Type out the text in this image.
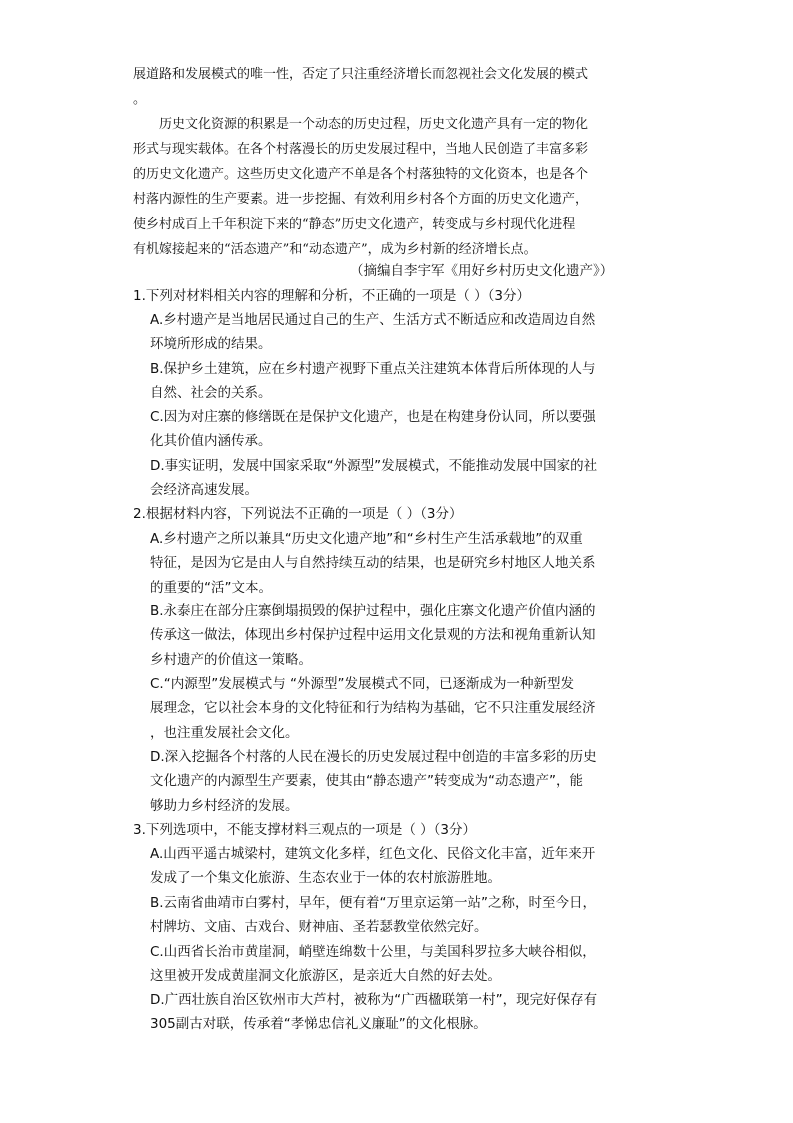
展道路和发展模式的唯一性，否定了只注重经济增长而忽视社会文化发展的模式
。
历史文化资源的积累是一个动态的历史过程，历史文化遗产具有一定的物化
形式与现实载体。在各个村落漫长的历史发展过程中，当地人民创造了丰富多彩
的历史文化遗产。这些历史文化遗产不单是各个村落独特的文化资本，也是各个
村落内源性的生产要素。进一步挖掘、有效利用乡村各个方面的历史文化遗产，
使乡村成百上千年积淀下来的“静态”历史文化遗产，转变成与乡村现代化进程
有机嫁接起来的“活态遗产”和“动态遗产”，成为乡村新的经济增长点。
（摘编自李宇军《用好乡村历史文化遗产》）
1.下列对材料相关内容的理解和分析，不正确的一项是（ ）（3分）
A.乡村遗产是当地居民通过自己的生产、生活方式不断适应和改造周边自然
环境所形成的结果。
B.保护乡土建筑，应在乡村遗产视野下重点关注建筑本体背后所体现的人与
自然、社会的关系。
C.因为对庄寨的修缮既在是保护文化遗产，也是在构建身份认同，所以要强
化其价值内涵传承。
D.事实证明，发展中国家采取“外源型”发展模式，不能推动发展中国家的社
会经济高速发展。
2.根据材料内容，下列说法不正确的一项是（ ）（3分）
A.乡村遗产之所以兼具“历史文化遗产地”和“乡村生产生活承载地”的双重
特征，是因为它是由人与自然持续互动的结果，也是研究乡村地区人地关系
的重要的“活”文本。
B.永泰庄在部分庄寨倒塌损毁的保护过程中，强化庄寨文化遗产价值内涵的
传承这一做法，体现出乡村保护过程中运用文化景观的方法和视角重新认知
乡村遗产的价值这一策略。
C.“内源型”发展模式与 “外源型”发展模式不同，已逐渐成为一种新型发
展理念，它以社会本身的文化特征和行为结构为基础，它不只注重发展经济
，也注重发展社会文化。
D.深入挖掘各个村落的人民在漫长的历史发展过程中创造的丰富多彩的历史
文化遗产的内源型生产要素，使其由“静态遗产”转变成为“动态遗产”，能
够助力乡村经济的发展。
3.下列选项中，不能支撑材料三观点的一项是（ ）（3分）
A.山西平遥古城梁村，建筑文化多样，红色文化、民俗文化丰富，近年来开
发成了一个集文化旅游、生态农业于一体的农村旅游胜地。
B.云南省曲靖市白雾村，早年，便有着“万里京运第一站”之称，时至今日，
村牌坊、文庙、古戏台、财神庙、圣若瑟教堂依然完好。
C.山西省长治市黄崖洞，峭壁连绵数十公里，与美国科罗拉多大峡谷相似，
这里被开发成黄崖洞文化旅游区，是亲近大自然的好去处。
D.广西壮族自治区钦州市大芦村，被称为“广西楹联第一村”，现完好保存有
305副古对联，传承着“孝悌忠信礼义廉耻”的文化根脉。
